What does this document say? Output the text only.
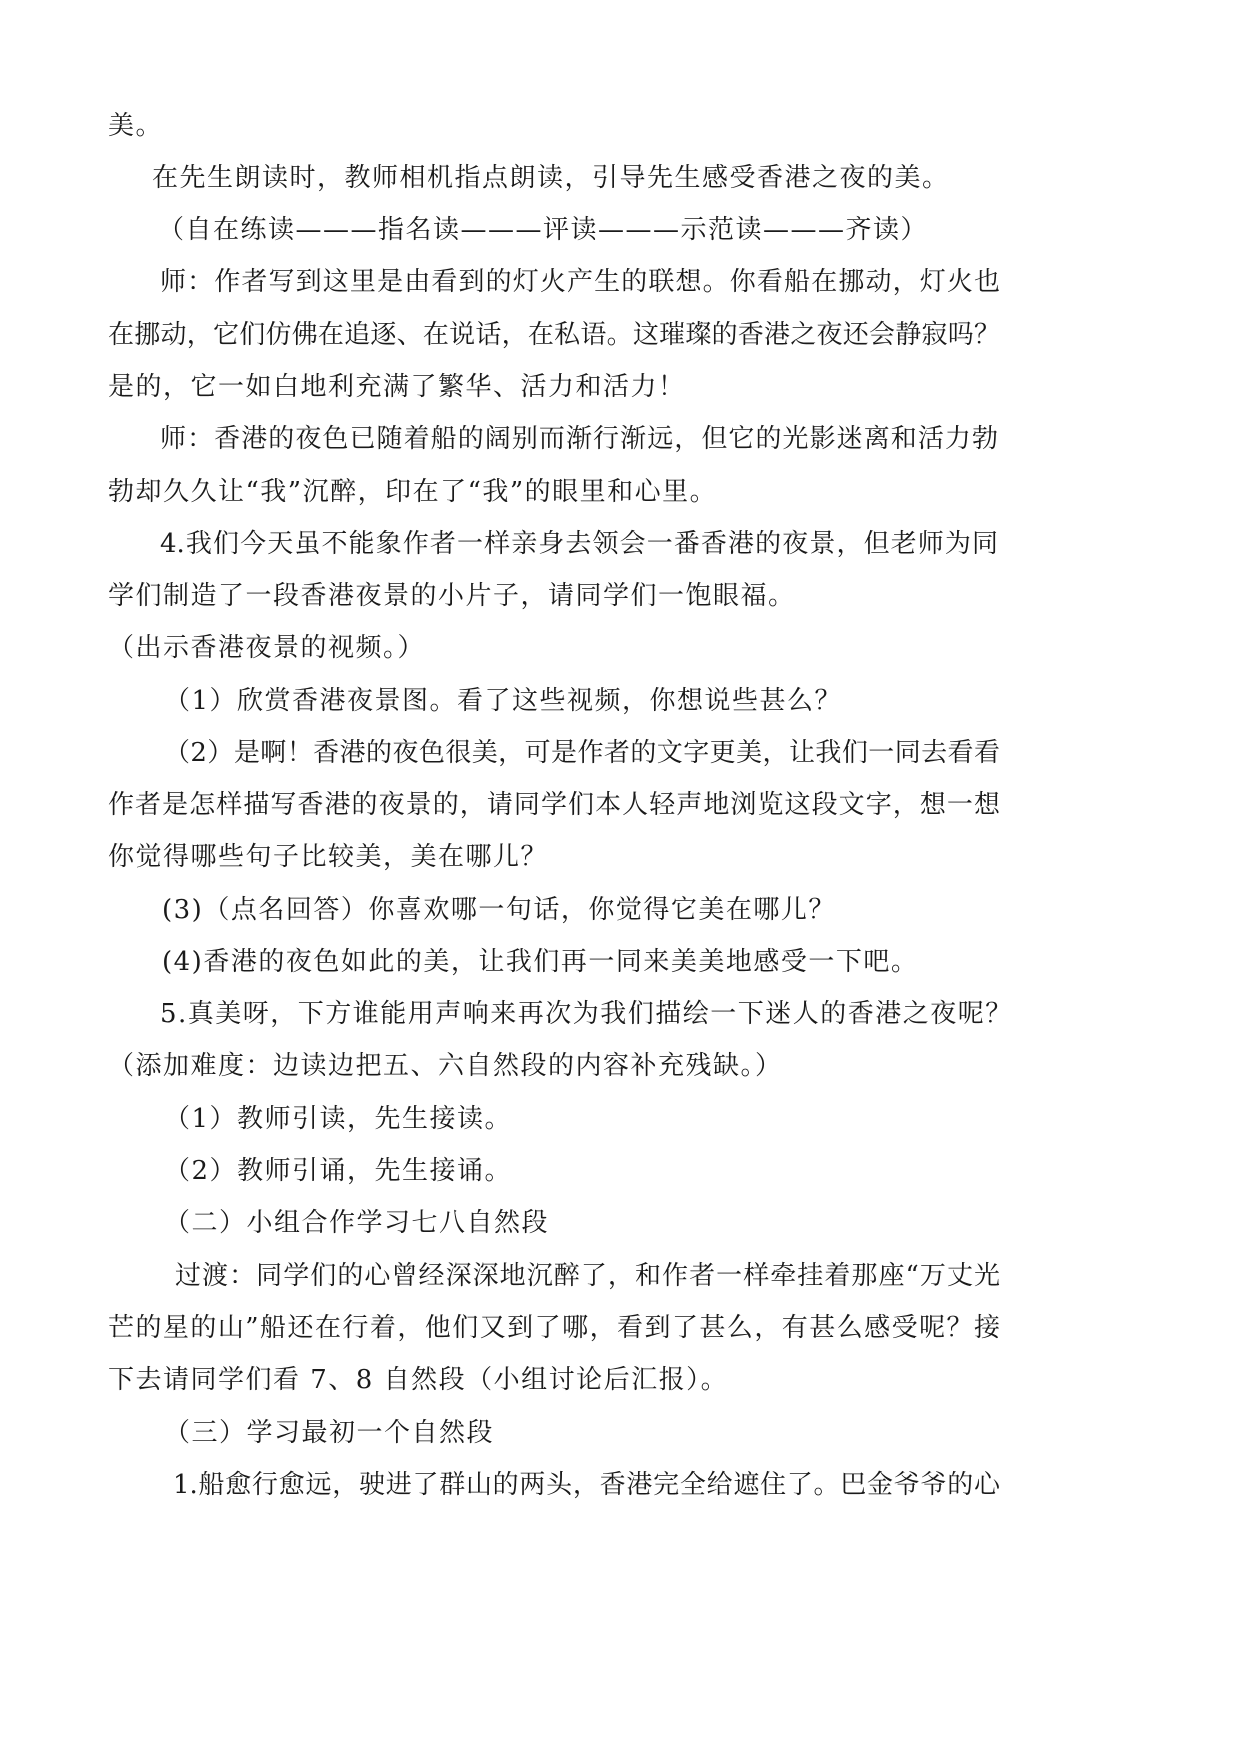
美。
在先生朗读时，教师相机指点朗读，引导先生感受香港之夜的美。
（自在练读———指名读———评读———示范读———齐读）
师：作者写到这里是由看到的灯火产生的联想。你看船在挪动，灯火也
在挪动，它们仿佛在追逐、在说话，在私语。这璀璨的香港之夜还会静寂吗？
是的，它一如白地利充满了繁华、活力和活力！
师：香港的夜色已随着船的阔别而渐行渐远，但它的光影迷离和活力勃
勃却久久让“我”沉醉，印在了“我”的眼里和心里。
4.我们今天虽不能象作者一样亲身去领会一番香港的夜景，但老师为同
学们制造了一段香港夜景的小片子，请同学们一饱眼福。
（出示香港夜景的视频。）
（1）欣赏香港夜景图。看了这些视频，你想说些甚么？
（2）是啊！香港的夜色很美，可是作者的文字更美，让我们一同去看看
作者是怎样描写香港的夜景的，请同学们本人轻声地浏览这段文字，想一想
你觉得哪些句子比较美，美在哪儿？
(3)（点名回答）你喜欢哪一句话，你觉得它美在哪儿？
(4)香港的夜色如此的美，让我们再一同来美美地感受一下吧。
5.真美呀，下方谁能用声响来再次为我们描绘一下迷人的香港之夜呢？
（添加难度：边读边把五、六自然段的内容补充残缺。）
（1）教师引读，先生接读。
（2）教师引诵，先生接诵。
（二）小组合作学习七八自然段
过渡：同学们的心曾经深深地沉醉了，和作者一样牵挂着那座“万丈光
芒的星的山”船还在行着，他们又到了哪，看到了甚么，有甚么感受呢？接
下去请同学们看 7、8 自然段（小组讨论后汇报）。
（三）学习最初一个自然段
1.船愈行愈远，驶进了群山的两头，香港完全给遮住了。巴金爷爷的心
